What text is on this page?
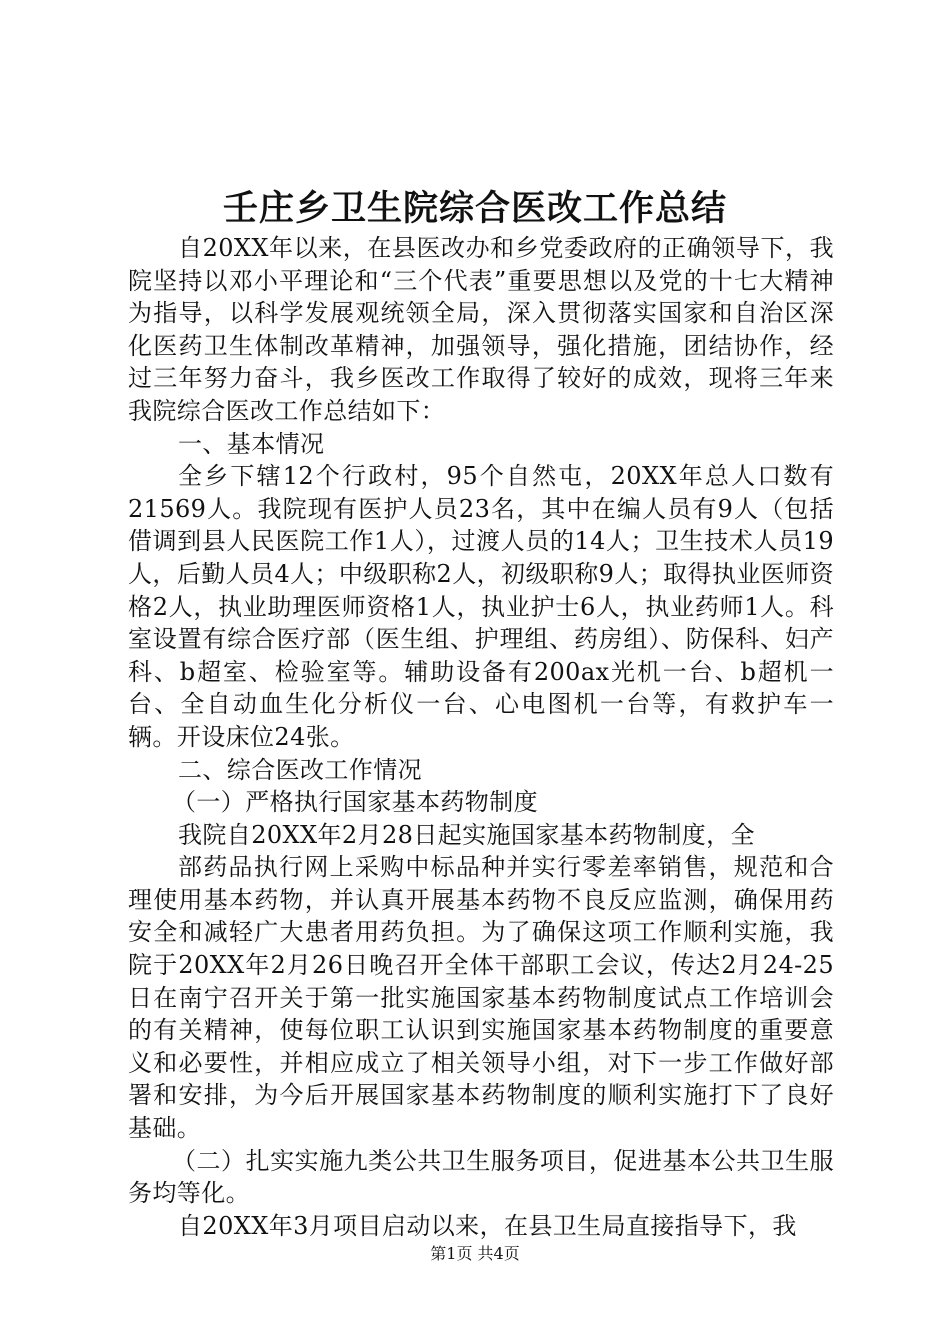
壬庄乡卫生院综合医改工作总结

自20XX年以来，在县医改办和乡党委政府的正确领导下，我院坚持以邓小平理论和“三个代表”重要思想以及党的十七大精神为指导，以科学发展观统领全局，深入贯彻落实国家和自治区深化医药卫生体制改革精神，加强领导，强化措施，团结协作，经过三年努力奋斗，我乡医改工作取得了较好的成效，现将三年来我院综合医改工作总结如下：

一、基本情况

全乡下辖12个行政村，95个自然屯，20XX年总人口数有21569人。我院现有医护人员23名，其中在编人员有9人（包括借调到县人民医院工作1人），过渡人员的14人；卫生技术人员19人，后勤人员4人；中级职称2人，初级职称9人；取得执业医师资格2人，执业助理医师资格1人，执业护士6人，执业药师1人。科室设置有综合医疗部（医生组、护理组、药房组）、防保科、妇产科、b超室、检验室等。辅助设备有200ax光机一台、b超机一台、全自动血生化分析仪一台、心电图机一台等，有救护车一辆。开设床位24张。

二、综合医改工作情况

（一）严格执行国家基本药物制度

我院自20XX年2月28日起实施国家基本药物制度，全

部药品执行网上采购中标品种并实行零差率销售，规范和合理使用基本药物，并认真开展基本药物不良反应监测，确保用药安全和减轻广大患者用药负担。为了确保这项工作顺利实施，我院于20XX年2月26日晚召开全体干部职工会议，传达2月24-25日在南宁召开关于第一批实施国家基本药物制度试点工作培训会的有关精神，使每位职工认识到实施国家基本药物制度的重要意义和必要性，并相应成立了相关领导小组，对下一步工作做好部署和安排，为今后开展国家基本药物制度的顺利实施打下了良好基础。

（二）扎实实施九类公共卫生服务项目，促进基本公共卫生服务均等化。

自20XX年3月项目启动以来，在县卫生局直接指导下，我

第1页 共4页
